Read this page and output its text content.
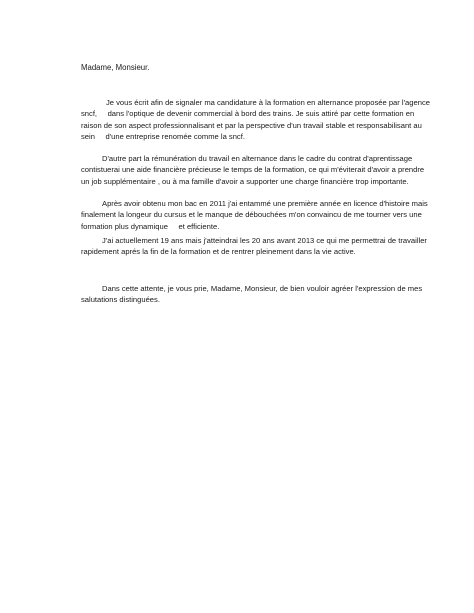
Madame, Monsieur.
Je vous écrit afin de signaler ma candidature à la formation en alternance proposée par l'agence
sncf,     dans l'optique de devenir commercial à bord des trains. Je suis attiré par cette formation en
raison de son aspect professionnalisant et par la perspective d'un travail stable et responsabilisant au
sein     d'une entreprise renomée comme la sncf.
D'autre part la rémunération du travail en alternance dans le cadre du contrat d'aprentissage
contistuerai une aide financière précieuse le temps de la formation, ce qui m'éviterait d'avoir a prendre
un job supplémentaire , ou à ma famille d'avoir a supporter une charge financière trop importante.
Après avoir obtenu mon bac en 2011 j'ai entammé une première année en licence d'histoire mais
finalement la longeur du cursus et le manque de débouchées m'on convaincu de me tourner vers une
formation plus dynamique     et efficiente.
J'ai actuellement 19 ans mais j'atteindrai les 20 ans avant 2013 ce qui me permettrai de travailler
rapidement aprés la fin de la formation et de rentrer pleinement dans la vie active.
Dans cette attente, je vous prie, Madame, Monsieur, de bien vouloir agréer l'expression de mes
salutations distinguées.
